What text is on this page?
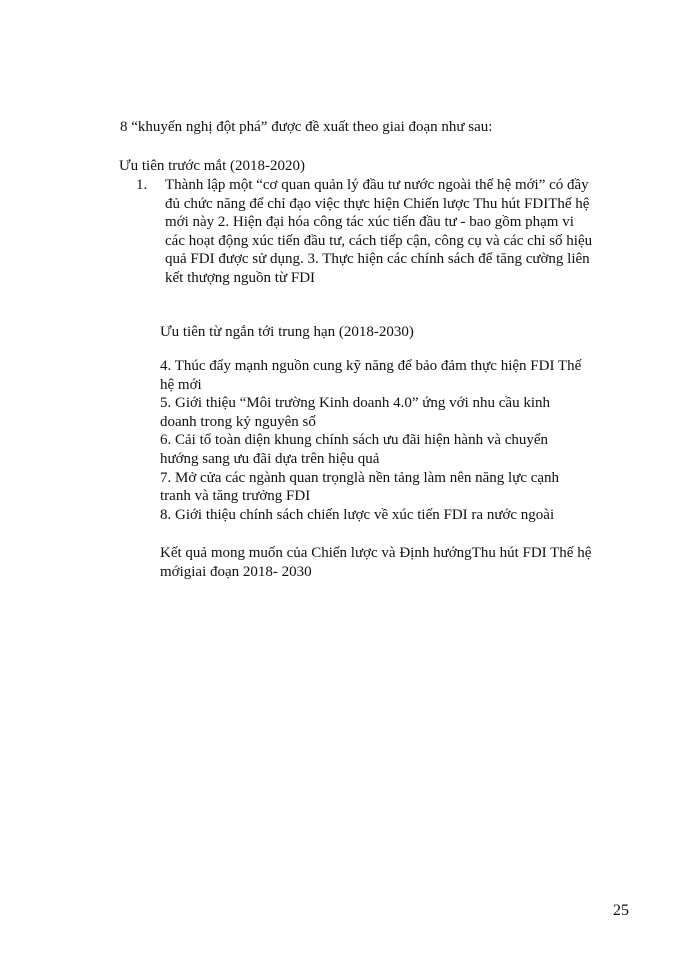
8 “khuyến nghị đột phá” được đề xuất theo giai đoạn như sau:

Ưu tiên trước mắt (2018-2020)

1. Thành lập một “cơ quan quản lý đầu tư nước ngoài thế hệ mới” có đầy
đủ chức năng để chỉ đạo việc thực hiện Chiến lược Thu hút FDIThế hệ
mới này 2. Hiện đại hóa công tác xúc tiến đầu tư - bao gồm phạm vi
các hoạt động xúc tiến đầu tư, cách tiếp cận, công cụ và các chỉ số hiệu
quả FDI được sử dụng. 3. Thực hiện các chính sách để tăng cường liên
kết thượng nguồn từ FDI

Ưu tiên từ ngắn tới trung hạn (2018-2030)

4. Thúc đẩy mạnh nguồn cung kỹ năng để bảo đảm thực hiện FDI Thế
hệ mới
5. Giới thiệu “Môi trường Kinh doanh 4.0” ứng với nhu cầu kinh
doanh trong kỷ nguyên số
6. Cải tổ toàn diện khung chính sách ưu đãi hiện hành và chuyển
hướng sang ưu đãi dựa trên hiệu quả
7. Mở cửa các ngành quan trọnglà nền tảng làm nên năng lực cạnh
tranh và tăng trưởng FDI
8. Giới thiệu chính sách chiến lược về xúc tiến FDI ra nước ngoài
Kết quả mong muốn của Chiến lược và Định hướngThu hút FDI Thế hệ
mớigiai đoạn 2018- 2030
25
